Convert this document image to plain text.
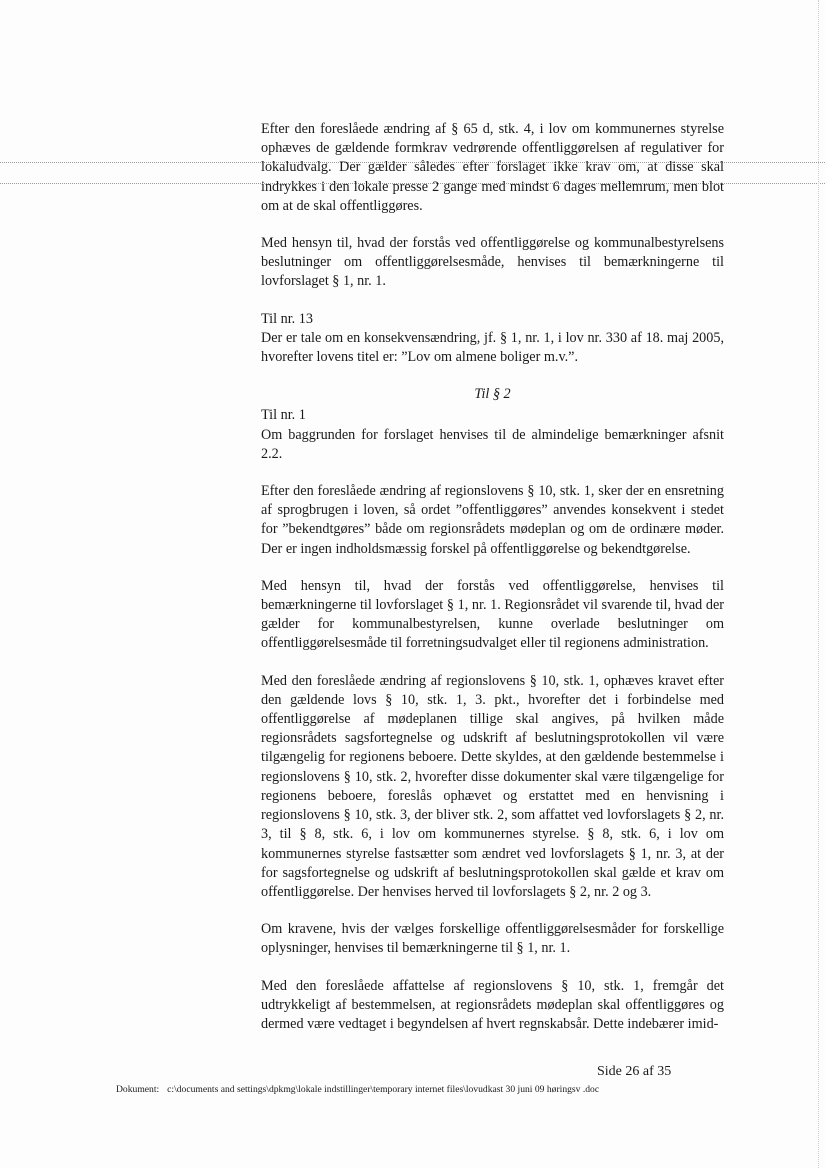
Efter den foreslåede ændring af § 65 d, stk. 4, i lov om kommunernes styrelse ophæves de gældende formkrav vedrørende offentliggørelsen af regulativer for lokaludvalg. Der gælder således efter forslaget ikke krav om, at disse skal indrykkes i den lokale presse 2 gange med mindst 6 dages mellemrum, men blot om at de skal offentliggøres.

Med hensyn til, hvad der forstås ved offentliggørelse og kommunalbestyrelsens beslutninger om offentliggørelsesmåde, henvises til bemærkningerne til lovforslaget § 1, nr. 1.

Til nr. 13

Der er tale om en konsekvensændring, jf. § 1, nr. 1, i lov nr. 330 af 18. maj 2005, hvorefter lovens titel er: ”Lov om almene boliger m.v.”.

Til § 2

Til nr. 1

Om baggrunden for forslaget henvises til de almindelige bemærkninger afsnit 2.2.

Efter den foreslåede ændring af regionslovens § 10, stk. 1, sker der en ensretning af sprogbrugen i loven, så ordet ”offentliggøres” anvendes konsekvent i stedet for ”bekendtgøres” både om regionsrådets mødeplan og om de ordinære møder. Der er ingen indholdsmæssig forskel på offentliggørelse og bekendtgørelse.

Med hensyn til, hvad der forstås ved offentliggørelse, henvises til bemærkningerne til lovforslaget § 1, nr. 1. Regionsrådet vil svarende til, hvad der gælder for kommunalbestyrelsen, kunne overlade beslutninger om offentliggørelsesmåde til forretningsudvalget eller til regionens administration.

Med den foreslåede ændring af regionslovens § 10, stk. 1, ophæves kravet efter den gældende lovs § 10, stk. 1, 3. pkt., hvorefter det i forbindelse med offentliggørelse af mødeplanen tillige skal angives, på hvilken måde regionsrådets sagsfortegnelse og udskrift af beslutningsprotokollen vil være tilgængelig for regionens beboere. Dette skyldes, at den gældende bestemmelse i regionslovens § 10, stk. 2, hvorefter disse dokumenter skal være tilgængelige for regionens beboere, foreslås ophævet og erstattet med en henvisning i regionslovens § 10, stk. 3, der bliver stk. 2, som affattet ved lovforslagets § 2, nr. 3, til § 8, stk. 6, i lov om kommunernes styrelse. § 8, stk. 6, i lov om kommunernes styrelse fastsætter som ændret ved lovforslagets § 1, nr. 3, at der for sagsfortegnelse og udskrift af beslutningsprotokollen skal gælde et krav om offentliggørelse. Der henvises herved til lovforslagets § 2, nr. 2 og 3.

Om kravene, hvis der vælges forskellige offentliggørelsesmåder for forskellige oplysninger, henvises til bemærkningerne til § 1, nr. 1.

Med den foreslåede affattelse af regionslovens § 10, stk. 1, fremgår det udtrykkeligt af bestemmelsen, at regionsrådets mødeplan skal offentliggøres og dermed være vedtaget i begyndelsen af hvert regnskabsår. Dette indebærer imid-

Side 26 af 35
Dokument: c:\documents and settings\dpkmg\lokale indstillinger\temporary internet files\lovudkast 30 juni 09 høringsv .doc
